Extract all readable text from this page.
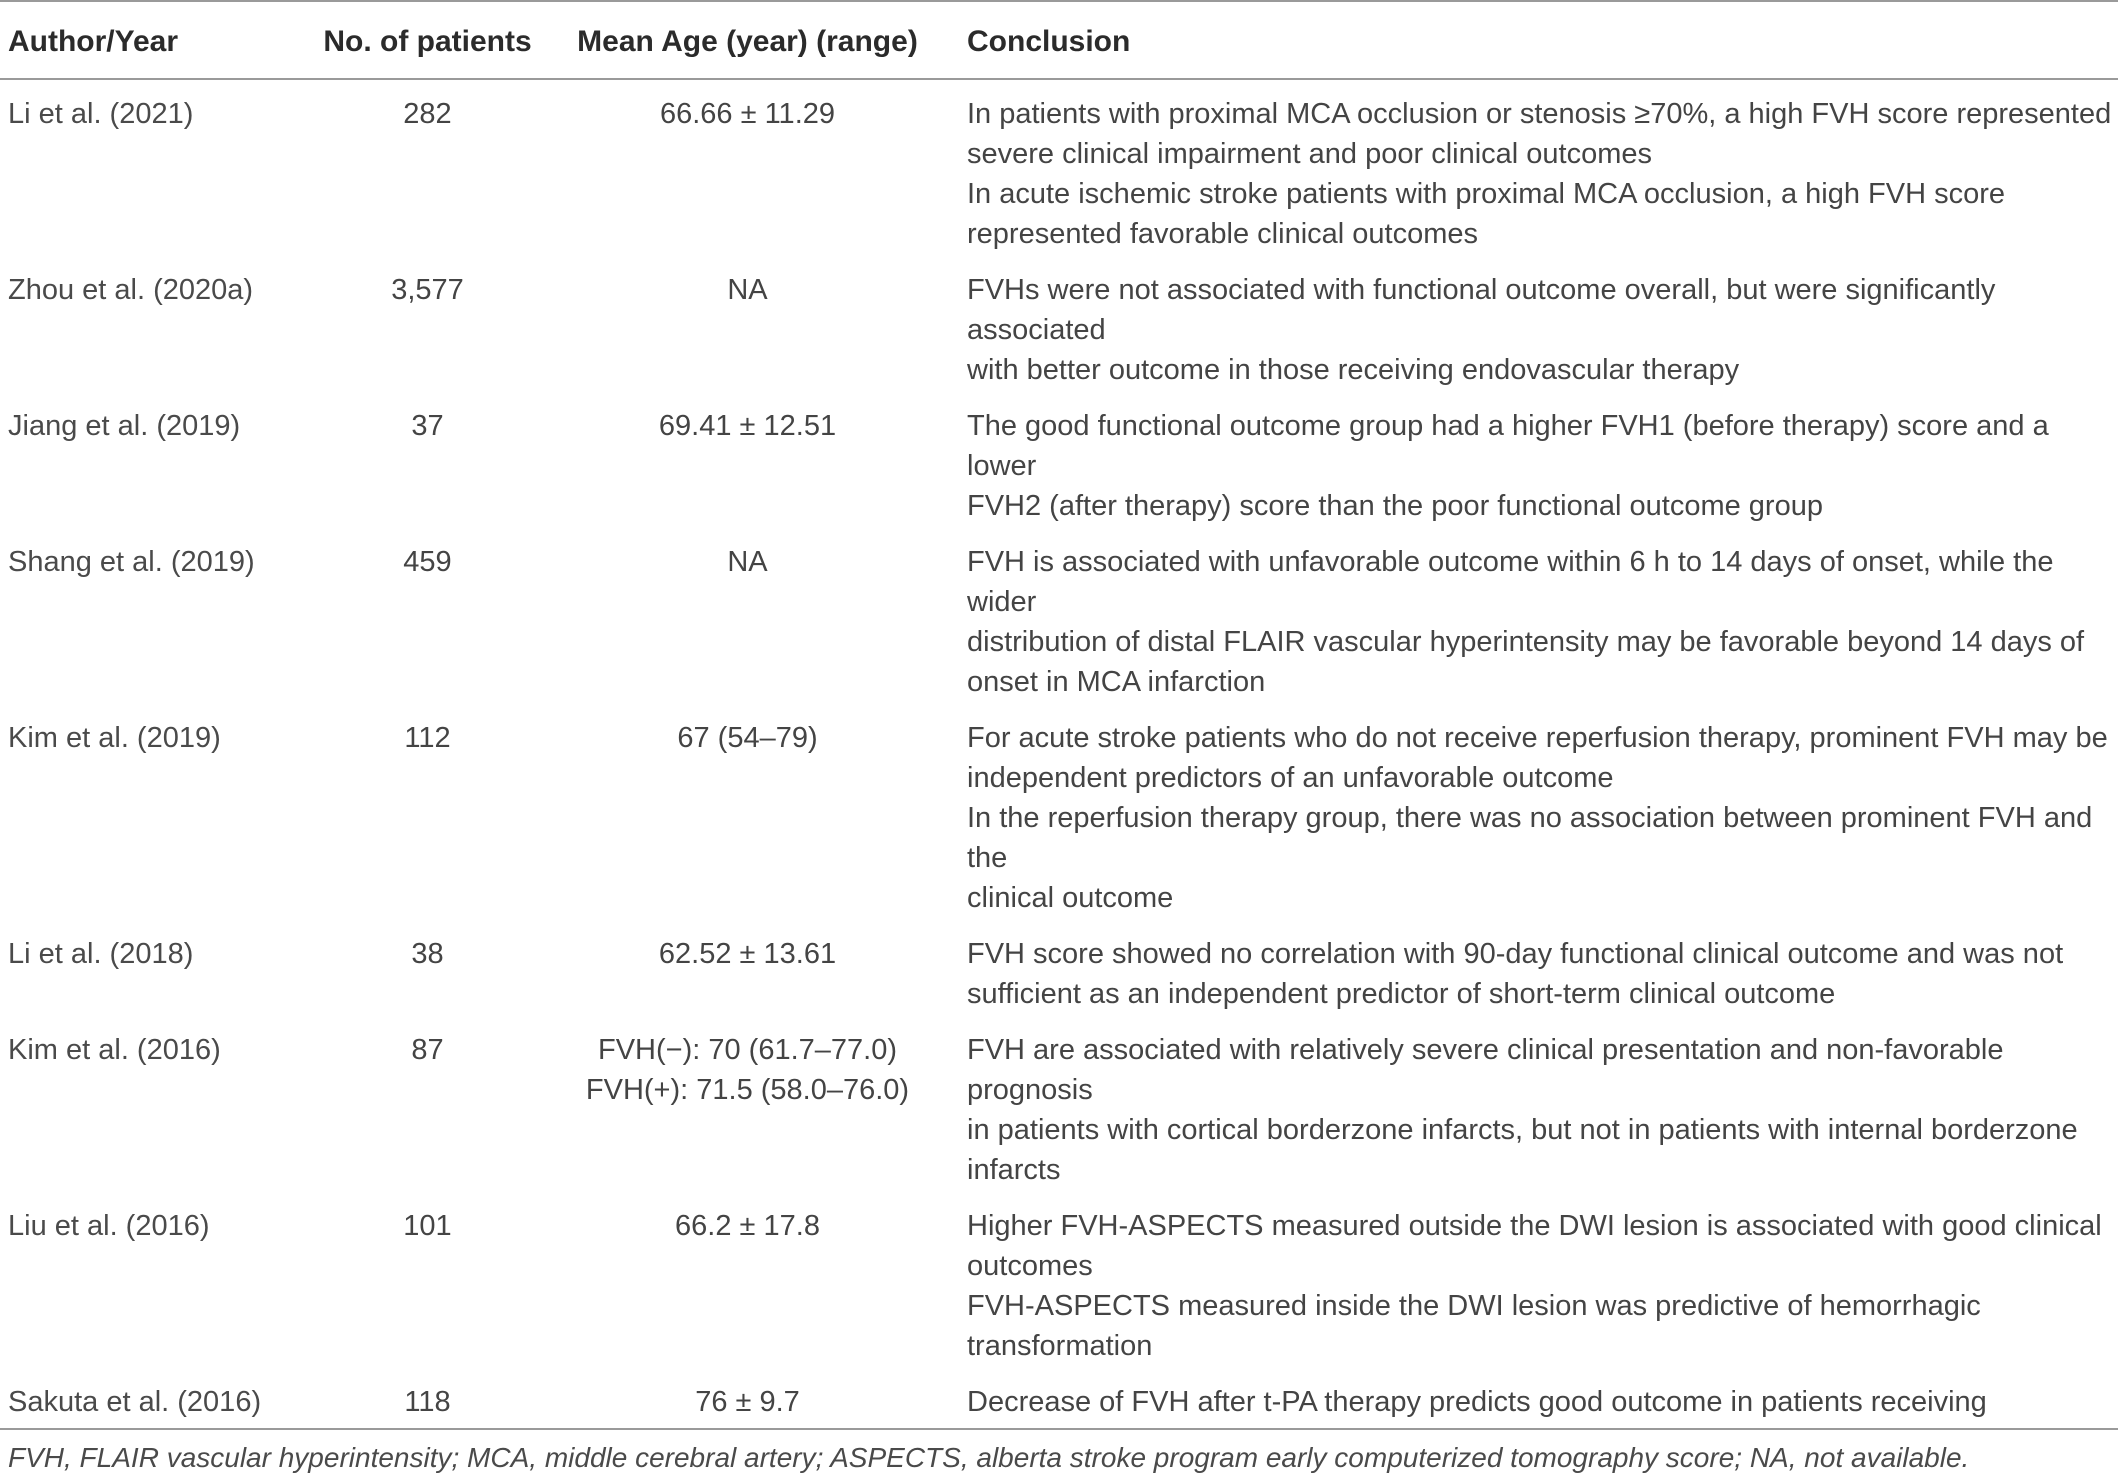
Author/Year	No. of patients	Mean Age (year) (range)	Conclusion
Li et al. (2021)	282	66.66 ± 11.29	In patients with proximal MCA occlusion or stenosis ≥70%, a high FVH score represented
severe clinical impairment and poor clinical outcomes
In acute ischemic stroke patients with proximal MCA occlusion, a high FVH score
represented favorable clinical outcomes

Zhou et al. (2020a)	3,577	NA	FVHs were not associated with functional outcome overall, but were significantly associated
with better outcome in those receiving endovascular therapy

Jiang et al. (2019)	37	69.41 ± 12.51	The good functional outcome group had a higher FVH1 (before therapy) score and a lower
FVH2 (after therapy) score than the poor functional outcome group

Shang et al. (2019)	459	NA	FVH is associated with unfavorable outcome within 6 h to 14 days of onset, while the wider
distribution of distal FLAIR vascular hyperintensity may be favorable beyond 14 days of
onset in MCA infarction

Kim et al. (2019)	112	67 (54–79)	For acute stroke patients who do not receive reperfusion therapy, prominent FVH may be
independent predictors of an unfavorable outcome
In the reperfusion therapy group, there was no association between prominent FVH and the
clinical outcome

Li et al. (2018)	38	62.52 ± 13.61	FVH score showed no correlation with 90-day functional clinical outcome and was not
sufficient as an independent predictor of short-term clinical outcome

Kim et al. (2016)	87	FVH(−): 70 (61.7–77.0)
FVH(+): 71.5 (58.0–76.0)	FVH are associated with relatively severe clinical presentation and non-favorable prognosis
in patients with cortical borderzone infarcts, but not in patients with internal borderzone
infarcts

Liu et al. (2016)	101	66.2 ± 17.8	Higher FVH-ASPECTS measured outside the DWI lesion is associated with good clinical
outcomes
FVH-ASPECTS measured inside the DWI lesion was predictive of hemorrhagic
transformation

Sakuta et al. (2016)	118	76 ± 9.7	Decrease of FVH after t-PA therapy predicts good outcome in patients receiving

FVH, FLAIR vascular hyperintensity; MCA, middle cerebral artery; ASPECTS, alberta stroke program early computerized tomography score; NA, not available.			
